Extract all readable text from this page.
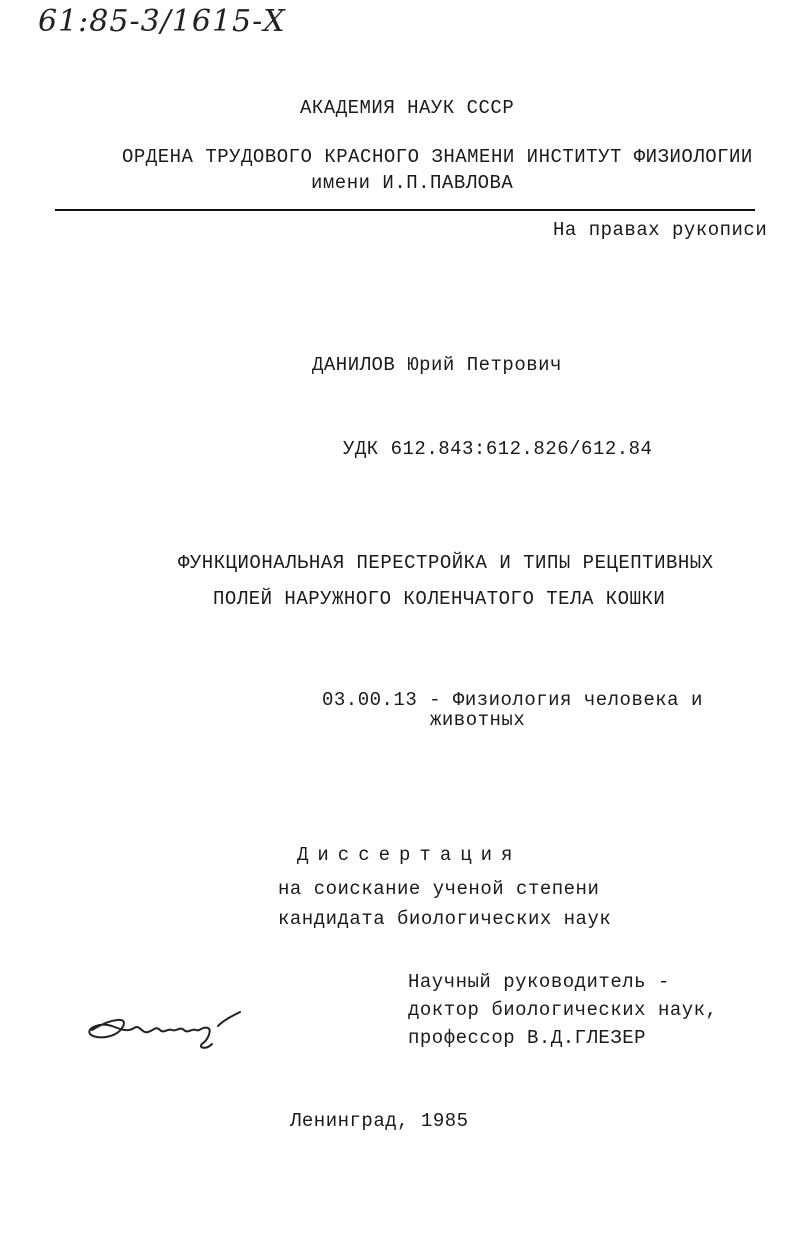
61:85-3/1615-Х
АКАДЕМИЯ НАУК СССР
ОРДЕНА ТРУДОВОГО КРАСНОГО ЗНАМЕНИ ИНСТИТУТ ФИЗИОЛОГИИ
имени И.П.ПАВЛОВА
На правах рукописи
ДАНИЛОВ Юрий Петрович
УДК 612.843:612.826/612.84
ФУНКЦИОНАЛЬНАЯ ПЕРЕСТРОЙКА И ТИПЫ РЕЦЕПТИВНЫХ
ПОЛЕЙ НАРУЖНОГО КОЛЕНЧАТОГО ТЕЛА КОШКИ
03.00.13 - Физиология человека и
животных
Диссертация
на соискание ученой степени
кандидата биологических наук
Научный руководитель -
доктор биологических наук,
профессор В.Д.ГЛЕЗЕР
Ленинград, 1985
